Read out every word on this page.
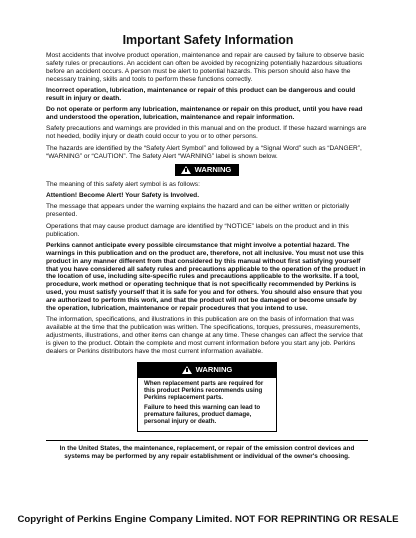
Important Safety Information

Most accidents that involve product operation, maintenance and repair are caused by failure to observe basic safety rules or precautions. An accident can often be avoided by recognizing potentially hazardous situations before an accident occurs. A person must be alert to potential hazards. This person should also have the necessary training, skills and tools to perform these functions correctly.

Incorrect operation, lubrication, maintenance or repair of this product can be dangerous and could result in injury or death.

Do not operate or perform any lubrication, maintenance or repair on this product, until you have read and understood the operation, lubrication, maintenance and repair information.

Safety precautions and warnings are provided in this manual and on the product. If these hazard warnings are not heeded, bodily injury or death could occur to you or to other persons.

The hazards are identified by the “Safety Alert Symbol” and followed by a “Signal Word” such as “DANGER”, “WARNING” or “CAUTION”. The Safety Alert “WARNING” label is shown below.

WARNING

The meaning of this safety alert symbol is as follows:

Attention! Become Alert! Your Safety is Involved.

The message that appears under the warning explains the hazard and can be either written or pictorially presented.

Operations that may cause product damage are identified by “NOTICE” labels on the product and in this publication.

Perkins cannot anticipate every possible circumstance that might involve a potential hazard. The warnings in this publication and on the product are, therefore, not all inclusive. You must not use this product in any manner different from that considered by this manual without first satisfying yourself that you have considered all safety rules and precautions applicable to the operation of the product in the location of use, including site-specific rules and precautions applicable to the worksite. If a tool, procedure, work method or operating technique that is not specifically recommended by Perkins is used, you must satisfy yourself that it is safe for you and for others. You should also ensure that you are authorized to perform this work, and that the product will not be damaged or become unsafe by the operation, lubrication, maintenance or repair procedures that you intend to use.

The information, specifications, and illustrations in this publication are on the basis of information that was available at the time that the publication was written. The specifications, torques, pressures, measurements, adjustments, illustrations, and other items can change at any time. These changes can affect the service that is given to the product. Obtain the complete and most current information before you start any job. Perkins dealers or Perkins distributors have the most current information available.

WARNING

When replacement parts are required for this product Perkins recommends using Perkins replacement parts.

Failure to heed this warning can lead to premature failures, product damage, personal injury or death.

In the United States, the maintenance, replacement, or repair of the emission control devices and systems may be performed by any repair establishment or individual of the owner's choosing.
Copyright of Perkins Engine Company Limited. NOT FOR REPRINTING OR RESALE
